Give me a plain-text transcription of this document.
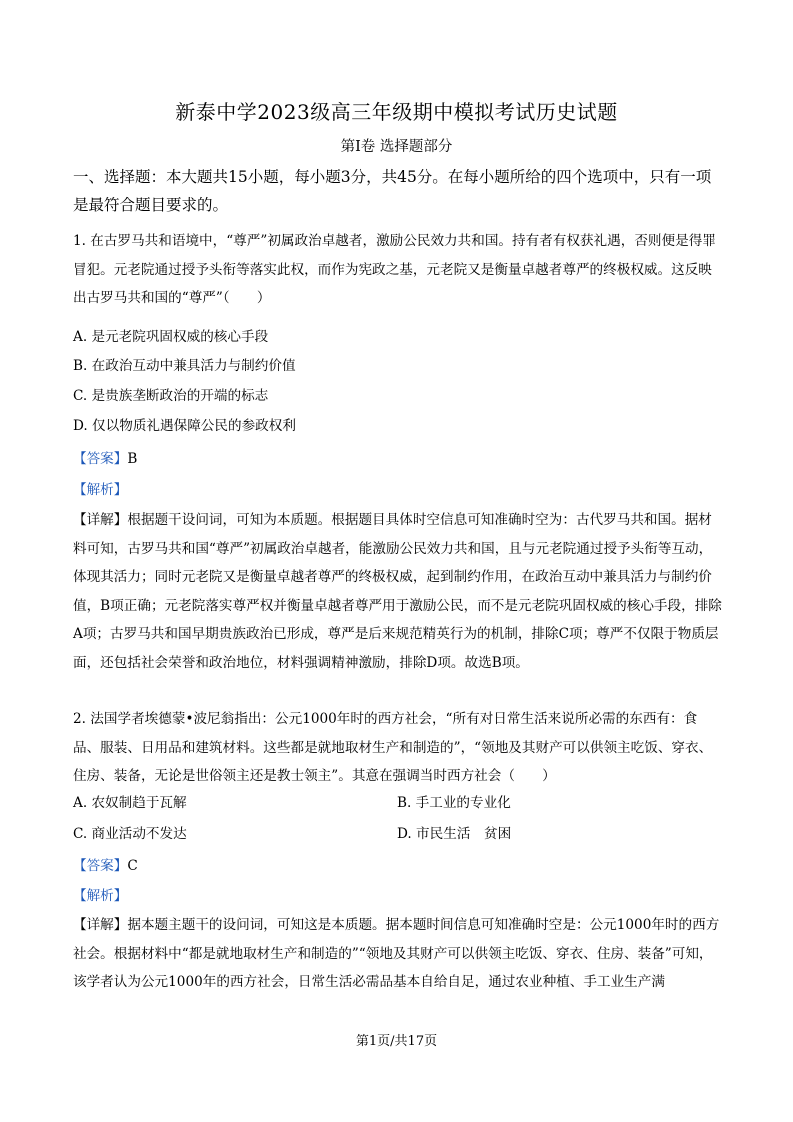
新泰中学2023级高三年级期中模拟考试历史试题
第Ⅰ卷 选择题部分
一、选择题：本大题共15小题，每小题3分，共45分。在每小题所给的四个选项中，只有一项是最符合题目要求的。
1. 在古罗马共和语境中，“尊严”初属政治卓越者，激励公民效力共和国。持有者有权获礼遇，否则便是得罪冒犯。元老院通过授予头衔等落实此权，而作为宪政之基，元老院又是衡量卓越者尊严的终极权威。这反映出古罗马共和国的“尊严”（　　）
A. 是元老院巩固权威的核心手段
B. 在政治互动中兼具活力与制约价值
C. 是贵族垄断政治的开端的标志
D. 仅以物质礼遇保障公民的参政权利
【答案】B
【解析】
【详解】根据题干设问词，可知为本质题。根据题目具体时空信息可知准确时空为：古代罗马共和国。据材料可知，古罗马共和国“尊严”初属政治卓越者，能激励公民效力共和国，且与元老院通过授予头衔等互动，体现其活力；同时元老院又是衡量卓越者尊严的终极权威，起到制约作用，在政治互动中兼具活力与制约价值，B项正确；元老院落实尊严权并衡量卓越者尊严用于激励公民，而不是元老院巩固权威的核心手段，排除A项；古罗马共和国早期贵族政治已形成，尊严是后来规范精英行为的机制，排除C项；尊严不仅限于物质层面，还包括社会荣誉和政治地位，材料强调精神激励，排除D项。故选B项。
2. 法国学者埃德蒙•波尼翁指出：公元1000年时的西方社会，“所有对日常生活来说所必需的东西有：食品、服装、日用品和建筑材料。这些都是就地取材生产和制造的”，“领地及其财产可以供领主吃饭、穿衣、住房、装备，无论是世俗领主还是教士领主”。其意在强调当时西方社会（　　）
A. 农奴制趋于瓦解	B. 手工业的专业化
C. 商业活动不发达	D. 市民生活　贫困
【答案】C
【解析】
【详解】据本题主题干的设问词，可知这是本质题。据本题时间信息可知准确时空是：公元1000年时的西方社会。根据材料中“都是就地取材生产和制造的”“领地及其财产可以供领主吃饭、穿衣、住房、装备”可知，该学者认为公元1000年的西方社会，日常生活必需品基本自给自足，通过农业种植、手工业生产满
第1页/共17页
